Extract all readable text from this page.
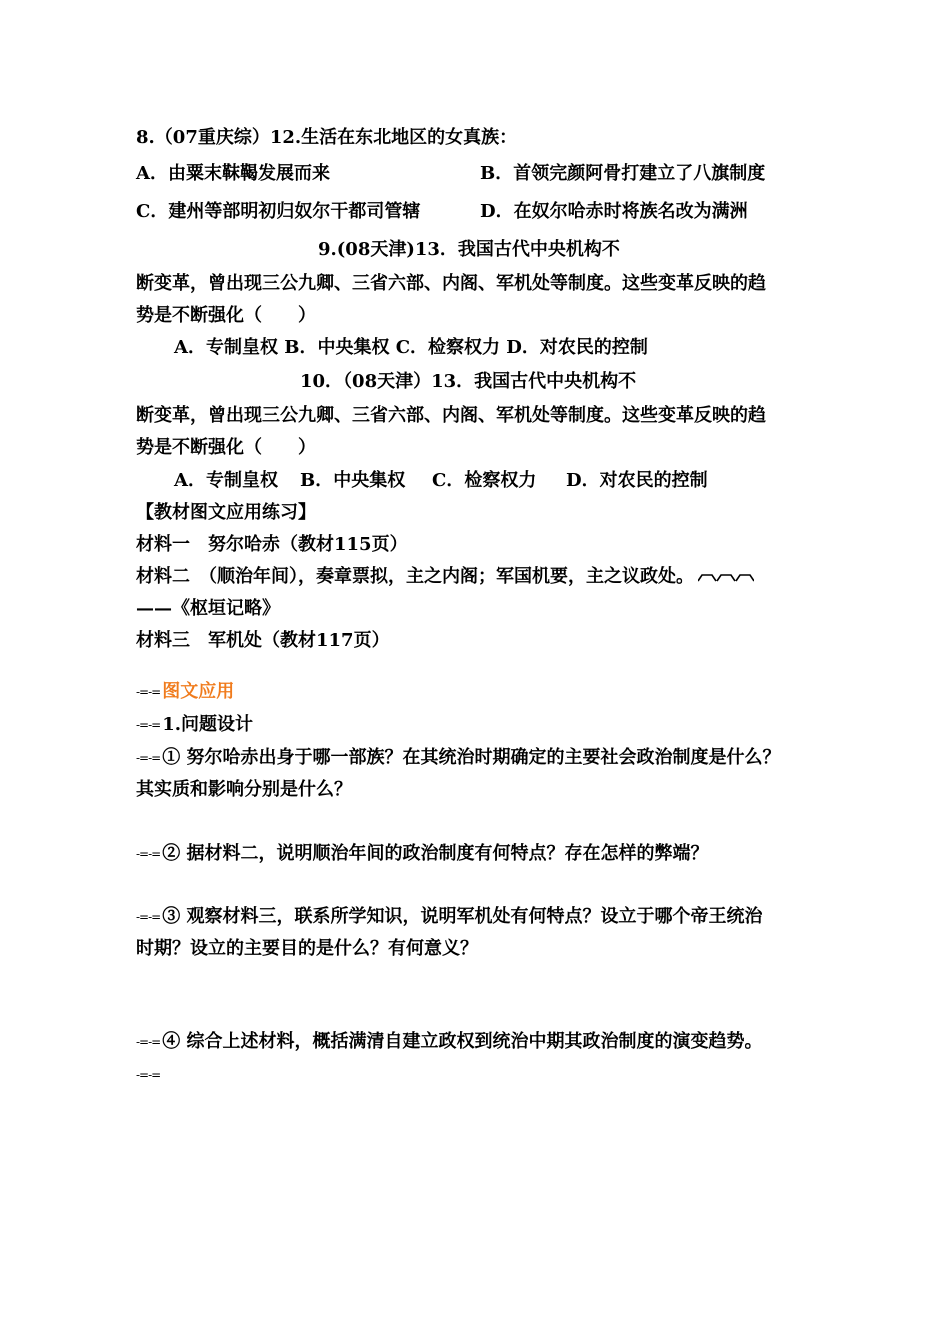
8.（07重庆综）12.生活在东北地区的女真族：
A．由粟末靺鞨发展而来	B．首领完颜阿骨打建立了八旗制度
C．建州等部明初归奴尔干都司管辖	D．在奴尔哈赤时将族名改为满洲
9.(08天津)13．我国古代中央机构不
断变革，曾出现三公九卿、三省六部、内阁、军机处等制度。这些变革反映的趋
势是不断强化（　　）
A．专制皇权 B．中央集权 C．检察权力 D．对农民的控制
10．（08天津）13．我国古代中央机构不
断变革，曾出现三公九卿、三省六部、内阁、军机处等制度。这些变革反映的趋
势是不断强化（　　）
A．专制皇权 B．中央集权 C．检察权力 D．对农民的控制
【教材图文应用练习】
材料一　努尔哈赤（教材115页）
材料二　（顺治年间），奏章票拟，主之内阁；军国机要，主之议政处。
——《枢垣记略》
材料三　军机处（教材117页）
-=-= 图文应用
-=-= 1.问题设计
-=-= ① 努尔哈赤出身于哪一部族？在其统治时期确定的主要社会政治制度是什么？
其实质和影响分别是什么？
-=-= ② 据材料二，说明顺治年间的政治制度有何特点？存在怎样的弊端？
-=-= ③ 观察材料三，联系所学知识，说明军机处有何特点？设立于哪个帝王统治
时期？设立的主要目的是什么？有何意义？
-=-= ④ 综合上述材料，概括满清自建立政权到统治中期其政治制度的演变趋势。
-=-=
